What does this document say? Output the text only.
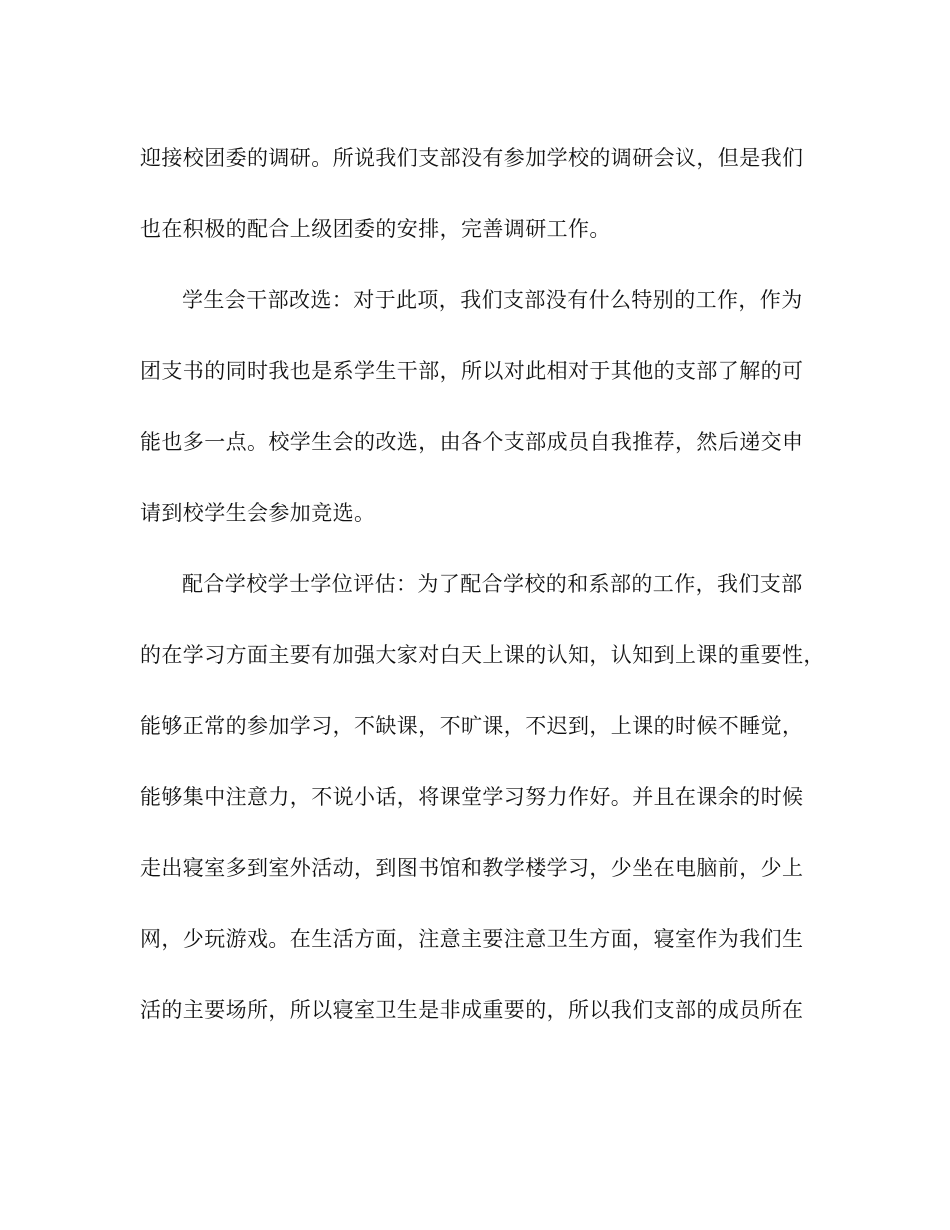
迎接校团委的调研。所说我们支部没有参加学校的调研会议，但是我们
也在积极的配合上级团委的安排，完善调研工作。
学生会干部改选：对于此项，我们支部没有什么特别的工作，作为
团支书的同时我也是系学生干部，所以对此相对于其他的支部了解的可
能也多一点。校学生会的改选，由各个支部成员自我推荐，然后递交申
请到校学生会参加竞选。
配合学校学士学位评估：为了配合学校的和系部的工作，我们支部
的在学习方面主要有加强大家对白天上课的认知，认知到上课的重要性，
能够正常的参加学习，不缺课，不旷课，不迟到，上课的时候不睡觉，
能够集中注意力，不说小话，将课堂学习努力作好。并且在课余的时候
走出寝室多到室外活动，到图书馆和教学楼学习，少坐在电脑前，少上
网，少玩游戏。在生活方面，注意主要注意卫生方面，寝室作为我们生
活的主要场所，所以寝室卫生是非成重要的，所以我们支部的成员所在
